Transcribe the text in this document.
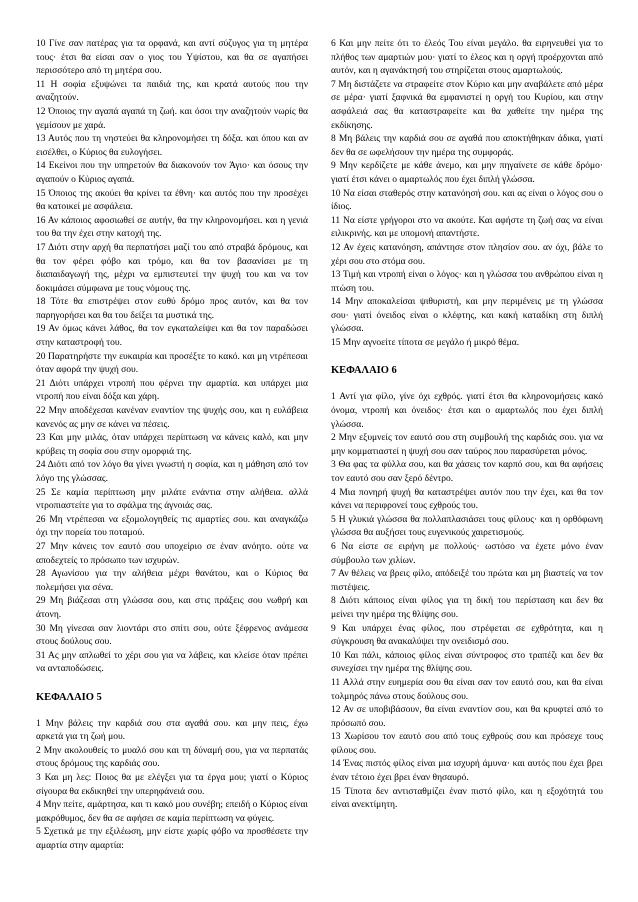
10 Γίνε σαν πατέρας για τα ορφανά, και αντί σύζυγος για τη μητέρα τους· έτσι θα είσαι σαν ο γιος του Υψίστου, και θα σε αγαπήσει περισσότερο από τη μητέρα σου.

11 Η σοφία εξυψώνει τα παιδιά της, και κρατά αυτούς που την αναζητούν.

12 Όποιος την αγαπά αγαπά τη ζωή. και όσοι την αναζητούν νωρίς θα γεμίσουν με χαρά.

13 Αυτός που τη νηστεύει θα κληρονομήσει τη δόξα. και όπου και αν εισέλθει, ο Κύριος θα ευλογήσει.

14 Εκείνοι που την υπηρετούν θα διακονούν τον Άγιο· και όσους την αγαπούν ο Κύριος αγαπά.

15 Όποιος της ακούει θα κρίνει τα έθνη· και αυτός που την προσέχει θα κατοικεί με ασφάλεια.

16 Αν κάποιος αφοσιωθεί σε αυτήν, θα την κληρονομήσει. και η γενιά του θα την έχει στην κατοχή της.

17 Διότι στην αρχή θα περπατήσει μαζί του από στραβά δρόμους, και θα τον φέρει φόβο και τρόμο, και θα τον βασανίσει με τη διαπαιδαγωγή της, μέχρι να εμπιστευτεί την ψυχή του και να τον δοκιμάσει σύμφωνα με τους νόμους της.

18 Τότε θα επιστρέψει στον ευθύ δρόμο προς αυτόν, και θα τον παρηγορήσει και θα του δείξει τα μυστικά της.

19 Αν όμως κάνει λάθος, θα τον εγκαταλείψει και θα τον παραδώσει στην καταστροφή του.

20 Παρατηρήστε την ευκαιρία και προσέξτε το κακό. και μη ντρέπεσαι όταν αφορά την ψυχή σου.

21 Διότι υπάρχει ντροπή που φέρνει την αμαρτία. και υπάρχει μια ντροπή που είναι δόξα και χάρη.

22 Μην αποδέχεσαι κανέναν εναντίον της ψυχής σου, και η ευλάβεια κανενός ας μην σε κάνει να πέσεις.

23 Και μην μιλάς, όταν υπάρχει περίπτωση να κάνεις καλό, και μην κρύβεις τη σοφία σου στην ομορφιά της.

24 Διότι από τον λόγο θα γίνει γνωστή η σοφία, και η μάθηση από τον λόγο της γλώσσας.

25 Σε καμία περίπτωση μην μιλάτε ενάντια στην αλήθεια. αλλά ντροπιαστείτε για το σφάλμα της άγνοιάς σας.

26 Μη ντρέπεσαι να εξομολογηθείς τις αμαρτίες σου. και αναγκάζω όχι την πορεία του ποταμού.

27 Μην κάνεις τον εαυτό σου υποχείριο σε έναν ανόητο. ούτε να αποδεχτείς το πρόσωπο των ισχυρών.

28 Αγωνίσου για την αλήθεια μέχρι θανάτου, και ο Κύριος θα πολεμήσει για σένα.

29 Μη βιάζεσαι στη γλώσσα σου, και στις πράξεις σου νωθρή και άτονη.

30 Μη γίνεσαι σαν λιοντάρι στο σπίτι σου, ούτε ξέφρενος ανάμεσα στους δούλους σου.

31 Ας μην απλωθεί το χέρι σου για να λάβεις, και κλείσε όταν πρέπει να ανταποδώσεις.

ΚΕΦΑΛΑΙΟ 5

1 Μην βάλεις την καρδιά σου στα αγαθά σου. και μην πεις, έχω αρκετά για τη ζωή μου.

2 Μην ακολουθείς το μυαλό σου και τη δύναμή σου, για να περπατάς στους δρόμους της καρδιάς σου.

3 Και μη λες: Ποιος θα με ελέγξει για τα έργα μου; γιατί ο Κύριος σίγουρα θα εκδικηθεί την υπερηφάνειά σου.

4 Μην πείτε, αμάρτησα, και τι κακό μου συνέβη; επειδή ο Κύριος είναι μακρόθυμος, δεν θα σε αφήσει σε καμία περίπτωση να φύγεις.

5 Σχετικά με την εξιλέωση, μην είστε χωρίς φόβο να προσθέσετε την αμαρτία στην αμαρτία:

6 Και μην πείτε ότι το έλεός Του είναι μεγάλο. θα ειρηνευθεί για το πλήθος των αμαρτιών μου· γιατί το έλεος και η οργή προέρχονται από αυτόν, και η αγανάκτησή του στηρίζεται στους αμαρτωλούς.

7 Μη διστάζετε να στραφείτε στον Κύριο και μην αναβάλετε από μέρα σε μέρα· γιατί ξαφνικά θα εμφανιστεί η οργή του Κυρίου, και στην ασφάλειά σας θα καταστραφείτε και θα χαθείτε την ημέρα της εκδίκησης.

8 Μη βάλεις την καρδιά σου σε αγαθά που αποκτήθηκαν άδικα, γιατί δεν θα σε ωφελήσουν την ημέρα της συμφοράς.

9 Μην κερδίζετε με κάθε άνεμο, και μην πηγαίνετε σε κάθε δρόμο· γιατί έτσι κάνει ο αμαρτωλός που έχει διπλή γλώσσα.

10 Να είσαι σταθερός στην κατανόησή σου. και ας είναι ο λόγος σου ο ίδιος.

11 Να είστε γρήγοροι στο να ακούτε. Και αφήστε τη ζωή σας να είναι ειλικρινής. και με υπομονή απαντήστε.

12 Αν έχεις κατανόηση, απάντησε στον πλησίον σου. αν όχι, βάλε το χέρι σου στο στόμα σου.

13 Τιμή και ντροπή είναι ο λόγος· και η γλώσσα του ανθρώπου είναι η πτώση του.

14 Μην αποκαλείσαι ψιθυριστή, και μην περιμένεις με τη γλώσσα σου· γιατί όνειδος είναι ο κλέφτης, και κακή καταδίκη στη διπλή γλώσσα.

15 Μην αγνοείτε τίποτα σε μεγάλο ή μικρό θέμα.

ΚΕΦΑΛΑΙΟ 6

1 Αντί για φίλο, γίνε όχι εχθρός. γιατί έτσι θα κληρονομήσεις κακό όνομα, ντροπή και όνειδος· έτσι και ο αμαρτωλός που έχει διπλή γλώσσα.

2 Μην εξυμνείς τον εαυτό σου στη συμβουλή της καρδιάς σου. για να μην κομματιαστεί η ψυχή σου σαν ταύρος που παρασύρεται μόνος.

3 Θα φας τα φύλλα σου, και θα χάσεις τον καρπό σου, και θα αφήσεις τον εαυτό σου σαν ξερό δέντρο.

4 Μια πονηρή ψυχή θα καταστρέψει αυτόν που την έχει, και θα τον κάνει να περιφρονεί τους εχθρούς του.

5 Η γλυκιά γλώσσα θα πολλαπλασιάσει τους φίλους· και η ορθόφωνη γλώσσα θα αυξήσει τους ευγενικούς χαιρετισμούς.

6 Να είστε σε ειρήνη με πολλούς· ωστόσο να έχετε μόνο έναν σύμβουλο των χιλίων.

7 Αν θέλεις να βρεις φίλο, απόδειξέ του πρώτα και μη βιαστείς να τον πιστέψεις.

8 Διότι κάποιος είναι φίλος για τη δική του περίσταση και δεν θα μείνει την ημέρα της θλίψης σου.

9 Και υπάρχει ένας φίλος, που στρέφεται σε εχθρότητα, και η σύγκρουση θα ανακαλύψει την ονειδισμό σου.

10 Και πάλι, κάποιος φίλος είναι σύντροφος στο τραπέζι και δεν θα συνεχίσει την ημέρα της θλίψης σου.

11 Αλλά στην ευημερία σου θα είναι σαν τον εαυτό σου, και θα είναι τολμηρός πάνω στους δούλους σου.

12 Αν σε υποβιβάσουν, θα είναι εναντίον σου, και θα κρυφτεί από το πρόσωπό σου.

13 Χωρίσου τον εαυτό σου από τους εχθρούς σου και πρόσεχε τους φίλους σου.

14 Ένας πιστός φίλος είναι μια ισχυρή άμυνα· και αυτός που έχει βρει έναν τέτοιο έχει βρει έναν θησαυρό.

15 Τίποτα δεν αντισταθμίζει έναν πιστό φίλο, και η εξοχότητά του είναι ανεκτίμητη.
